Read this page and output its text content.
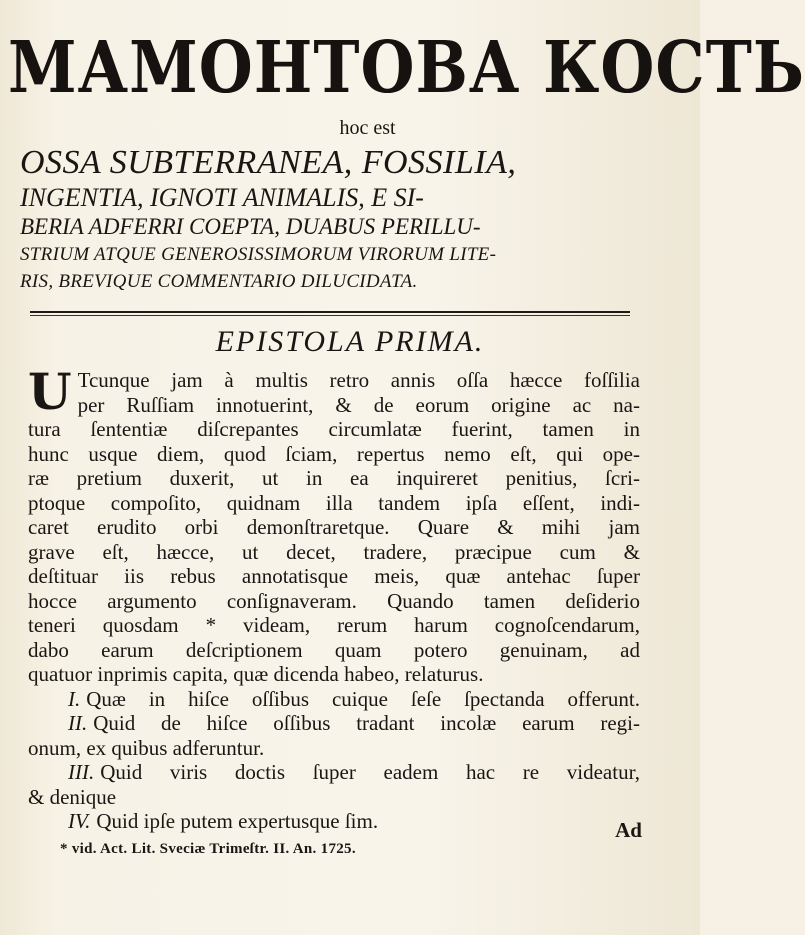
МАМОНТОВА КОСТЬ
hoc est
OSSA SUBTERRANEA, FOSSILIA,
INGENTIA, IGNOTI ANIMALIS, E SI-
BERIA ADFERRI COEPTA, DUABUS PERILLU-
STRIUM ATQUE GENEROSISSIMORUM VIRORUM LITE-
RIS, BREVIQUE COMMENTARIO DILUCIDATA.
EPISTOLA PRIMA.
U Tcunque jam à multis retro annis oſſa hæcce foſſilia
per Ruſſiam innotuerint, & de eorum origine ac na-
tura ſententiæ diſcrepantes circumlatæ fuerint, tamen in
hunc usque diem, quod ſciam, repertus nemo eſt, qui ope-
ræ pretium duxerit, ut in ea inquireret penitius, ſcri-
ptoque compoſito, quidnam illa tandem ipſa eſſent, indi-
caret erudito orbi demonſtraretque. Quare & mihi jam
grave eſt, hæcce, ut decet, tradere, præcipue cum &
deſtituar iis rebus annotatisque meis, quæ antehac ſuper
hocce argumento conſignaveram. Quando tamen deſiderio
teneri quosdam * videam, rerum harum cognoſcendarum,
dabo earum deſcriptionem quam potero genuinam, ad
quatuor inprimis capita, quæ dicenda habeo, relaturus.
I. Quæ in hiſce oſſibus cuique ſeſe ſpectanda offerunt.
II. Quid de hiſce oſſibus tradant incolæ earum regi-
onum, ex quibus adferuntur.
III. Quid viris doctis ſuper eadem hac re videatur,
& denique
IV. Quid ipſe putem expertusque ſim.	Ad
* vid. Act. Lit. Sveciæ Trimeſtr. II. An. 1725.
